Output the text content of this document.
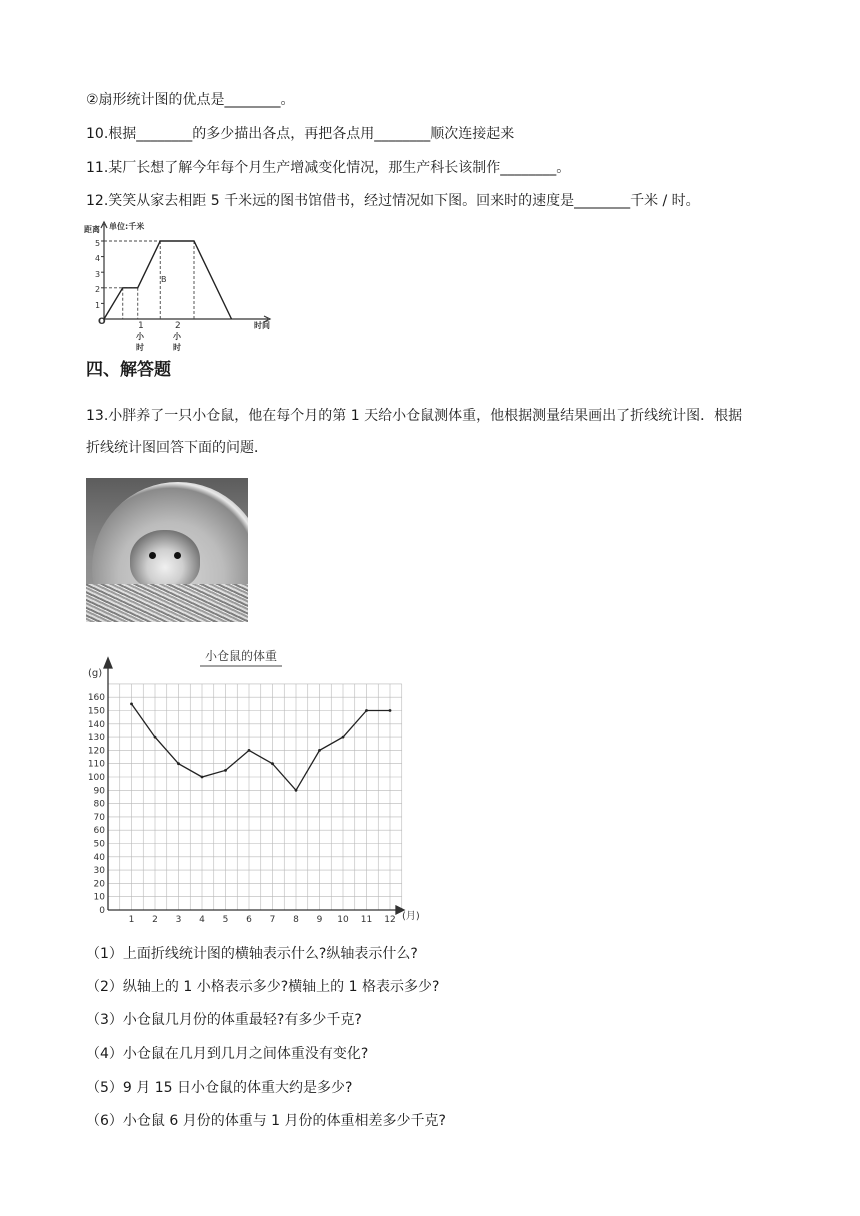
②扇形统计图的优点是________。
10.根据________的多少描出各点，再把各点用________顺次连接起来
11.某厂长想了解今年每个月生产增减变化情况，那生产科长该制作________。
12.笑笑从家去相距 5 千米远的图书馆借书，经过情况如下图。回来时的速度是________千米 / 时。
距离 单位:千米
时间
O
1
2
3
4
5
1
小
时
2
小
时
B
四、解答题
13.小胖养了一只小仓鼠，他在每个月的第 1 天给小仓鼠测体重，他根据测量结果画出了折线统计图．根据
折线统计图回答下面的问题．
小仓鼠的体重
(g)
(月)
0
10
20
30
40
50
60
70
80
90
100
110
120
130
140
150
160
1 2 3 4 5 6 7 8 9 10 11 12
（1）上面折线统计图的横轴表示什么?纵轴表示什么?
（2）纵轴上的 1 小格表示多少?横轴上的 1 格表示多少?
（3）小仓鼠几月份的体重最轻?有多少千克?
（4）小仓鼠在几月到几月之间体重没有变化?
（5）9 月 15 日小仓鼠的体重大约是多少?
（6）小仓鼠 6 月份的体重与 1 月份的体重相差多少千克?
